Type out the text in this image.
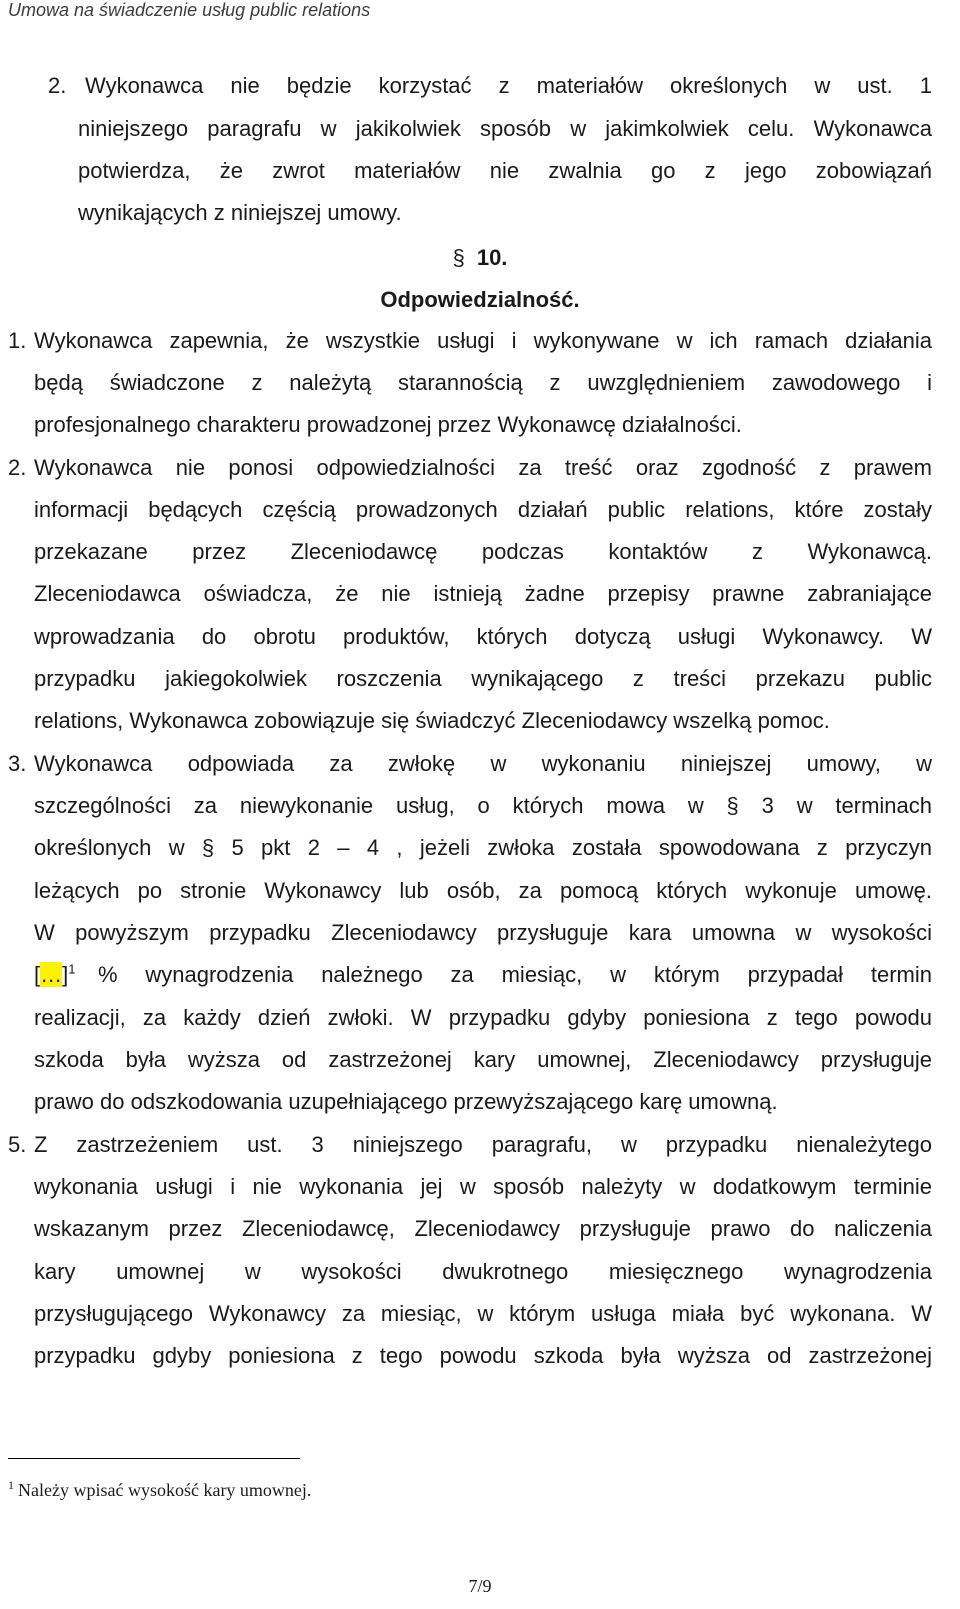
Umowa na świadczenie usług public relations
2. Wykonawca nie będzie korzystać z materiałów określonych w ust. 1
niniejszego paragrafu w jakikolwiek sposób w jakimkolwiek celu. Wykonawca
potwierdza, że zwrot materiałów nie zwalnia go z jego zobowiązań
wynikających z niniejszej umowy.
§ 10.
Odpowiedzialność.
1. Wykonawca zapewnia, że wszystkie usługi i wykonywane w ich ramach działania
będą świadczone z należytą starannością z uwzględnieniem zawodowego i
profesjonalnego charakteru prowadzonej przez Wykonawcę działalności.
2. Wykonawca nie ponosi odpowiedzialności za treść oraz zgodność z prawem
informacji będących częścią prowadzonych działań public relations, które zostały
przekazane przez Zleceniodawcę podczas kontaktów z Wykonawcą.
Zleceniodawca oświadcza, że nie istnieją żadne przepisy prawne zabraniające
wprowadzania do obrotu produktów, których dotyczą usługi Wykonawcy. W
przypadku jakiegokolwiek roszczenia wynikającego z treści przekazu public
relations, Wykonawca zobowiązuje się świadczyć Zleceniodawcy wszelką pomoc.
3. Wykonawca odpowiada za zwłokę w wykonaniu niniejszej umowy, w
szczególności za niewykonanie usług, o których mowa w § 3 w terminach
określonych w § 5 pkt 2 – 4 , jeżeli zwłoka została spowodowana z przyczyn
leżących po stronie Wykonawcy lub osób, za pomocą których wykonuje umowę.
W powyższym przypadku Zleceniodawcy przysługuje kara umowna w wysokości
[…]$^1$ % wynagrodzenia należnego za miesiąc, w którym przypadał termin
realizacji, za każdy dzień zwłoki. W przypadku gdyby poniesiona z tego powodu
szkoda była wyższa od zastrzeżonej kary umownej, Zleceniodawcy przysługuje
prawo do odszkodowania uzupełniającego przewyższającego karę umowną.
5. Z zastrzeżeniem ust. 3 niniejszego paragrafu, w przypadku nienależytego
wykonania usługi i nie wykonania jej w sposób należyty w dodatkowym terminie
wskazanym przez Zleceniodawcę, Zleceniodawcy przysługuje prawo do naliczenia
kary umownej w wysokości dwukrotnego miesięcznego wynagrodzenia
przysługującego Wykonawcy za miesiąc, w którym usługa miała być wykonana. W
przypadku gdyby poniesiona z tego powodu szkoda była wyższa od zastrzeżonej
$^1$ Należy wpisać wysokość kary umownej.
7/9
